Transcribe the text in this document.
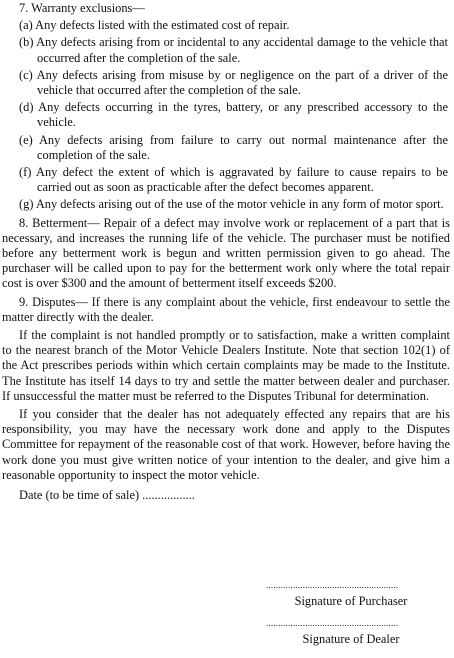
7. Warranty exclusions—

(a) Any defects listed with the estimated cost of repair.

(b) Any defects arising from or incidental to any accidental damage to the vehicle that occurred after the completion of the sale.

(c) Any defects arising from misuse by or negligence on the part of a driver of the vehicle that occurred after the completion of the sale.

(d) Any defects occurring in the tyres, battery, or any prescribed accessory to the vehicle.

(e) Any defects arising from failure to carry out normal maintenance after the completion of the sale.

(f) Any defect the extent of which is aggravated by failure to cause repairs to be carried out as soon as practicable after the defect becomes apparent.

(g) Any defects arising out of the use of the motor vehicle in any form of motor sport.

8. Betterment— Repair of a defect may involve work or replacement of a part that is necessary, and increases the running life of the vehicle. The purchaser must be notified before any betterment work is begun and written permission given to go ahead. The purchaser will be called upon to pay for the betterment work only where the total repair cost is over $300 and the amount of betterment itself exceeds $200.

9. Disputes— If there is any complaint about the vehicle, first endeavour to settle the matter directly with the dealer.

If the complaint is not handled promptly or to satisfaction, make a written complaint to the nearest branch of the Motor Vehicle Dealers Institute. Note that section 102(1) of the Act prescribes periods within which certain complaints may be made to the Institute. The Institute has itself 14 days to try and settle the matter between dealer and purchaser. If unsuccessful the matter must be referred to the Disputes Tribunal for determination.

If you consider that the dealer has not adequately effected any repairs that are his responsibility, you may have the necessary work done and apply to the Disputes Committee for repayment of the reasonable cost of that work. However, before having the work done you must give written notice of your intention to the dealer, and give him a reasonable opportunity to inspect the motor vehicle.

Date (to be time of sale) .................

......................................................
Signature of Purchaser
......................................................
Signature of Dealer
